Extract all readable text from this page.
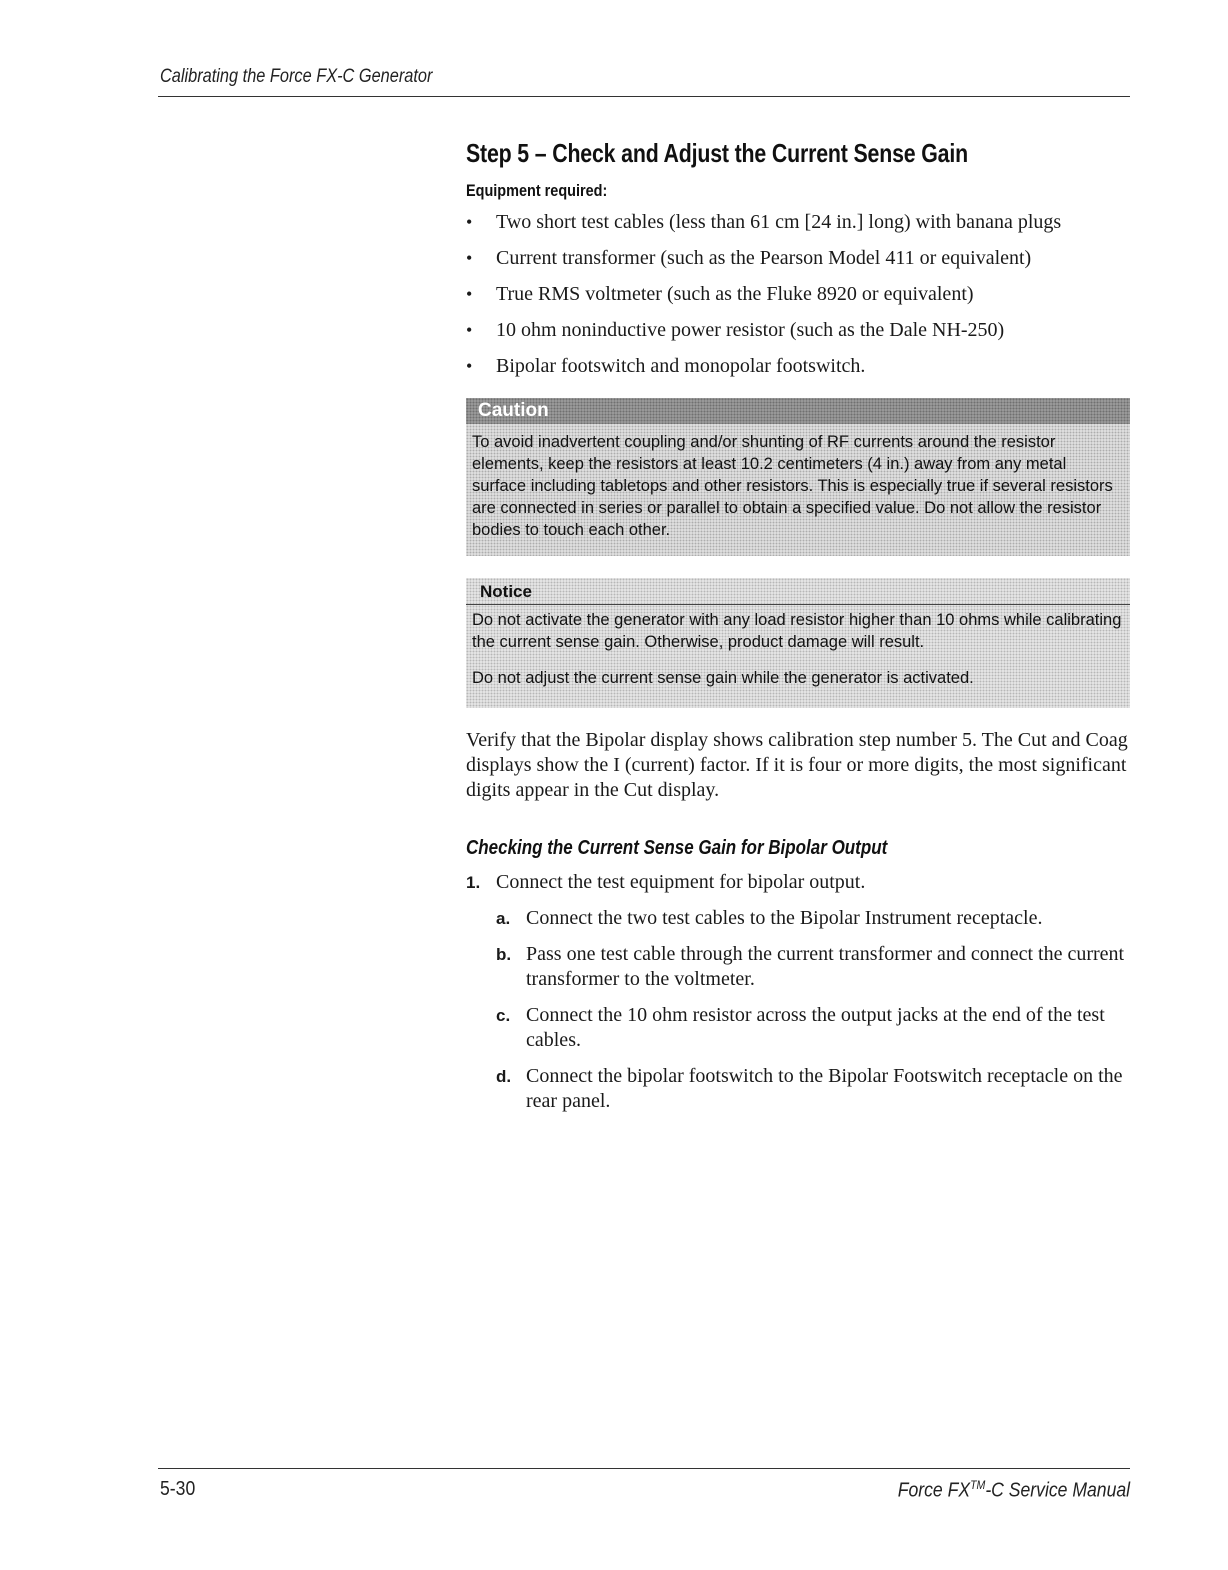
Calibrating the Force FX-C Generator
Step 5 – Check and Adjust the Current Sense Gain
Equipment required:
• Two short test cables (less than 61 cm [24 in.] long) with banana plugs
• Current transformer (such as the Pearson Model 411 or equivalent)
• True RMS voltmeter (such as the Fluke 8920 or equivalent)
• 10 ohm noninductive power resistor (such as the Dale NH-250)
• Bipolar footswitch and monopolar footswitch.
Caution
To avoid inadvertent coupling and/or shunting of RF currents around the resistor elements, keep the resistors at least 10.2 centimeters (4 in.) away from any metal surface including tabletops and other resistors. This is especially true if several resistors are connected in series or parallel to obtain a specified value. Do not allow the resistor bodies to touch each other.
Notice
Do not activate the generator with any load resistor higher than 10 ohms while calibrating the current sense gain. Otherwise, product damage will result.
Do not adjust the current sense gain while the generator is activated.

Verify that the Bipolar display shows calibration step number 5. The Cut and Coag displays show the I (current) factor. If it is four or more digits, the most significant digits appear in the Cut display.

Checking the Current Sense Gain for Bipolar Output
1. Connect the test equipment for bipolar output.
a. Connect the two test cables to the Bipolar Instrument receptacle.
b. Pass one test cable through the current transformer and connect the current transformer to the voltmeter.
c. Connect the 10 ohm resistor across the output jacks at the end of the test cables.
d. Connect the bipolar footswitch to the Bipolar Footswitch receptacle on the rear panel.
5-30	Force FX™-C Service Manual
